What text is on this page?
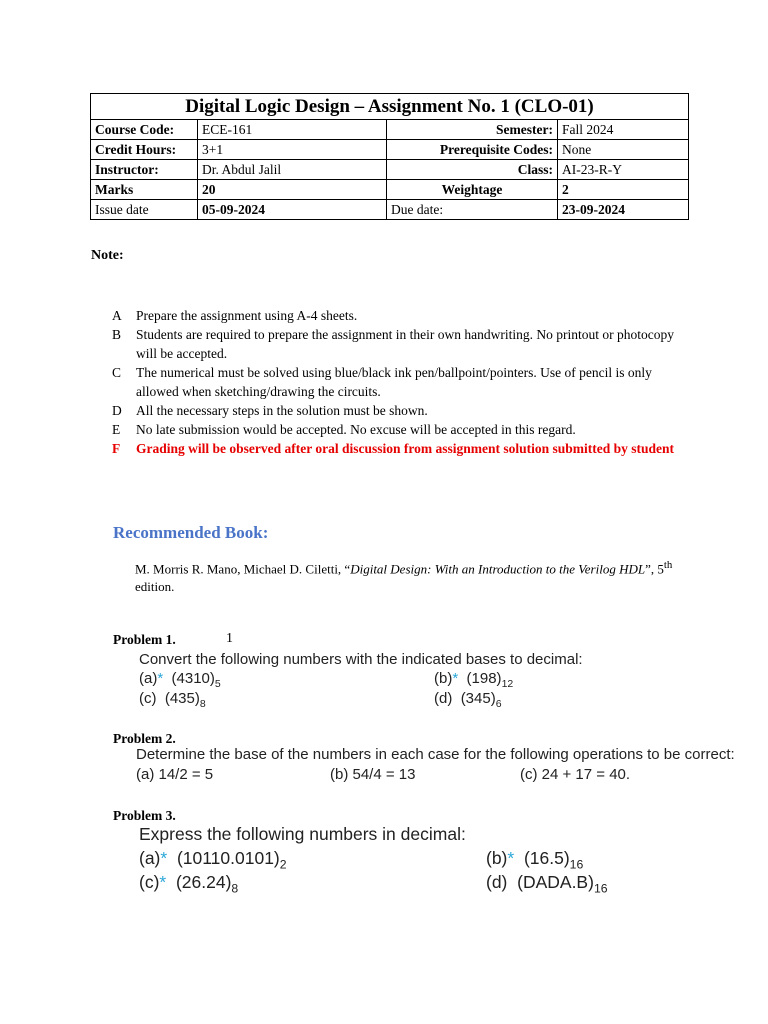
Digital Logic Design – Assignment No. 1 (CLO-01)			
Course Code:	ECE-161	Semester:	Fall 2024
Credit Hours:	3+1	Prerequisite Codes:	None
Instructor:	Dr. Abdul Jalil	Class:	AI-23-R-Y
Marks	20	Weightage	2
Issue date	05-09-2024	Due date:	23-09-2024
Note:
A	Prepare the assignment using A-4 sheets.
B	Students are required to prepare the assignment in their own handwriting. No printout or photocopy will be accepted.
C	The numerical must be solved using blue/black ink pen/ballpoint/pointers. Use of pencil is only allowed when sketching/drawing the circuits.
D	All the necessary steps in the solution must be shown.
E	No late submission would be accepted. No excuse will be accepted in this regard.
F	Grading will be observed after oral discussion from assignment solution submitted by student
Recommended Book:
M. Morris R. Mano, Michael D. Ciletti, “Digital Design: With an Introduction to the Verilog HDL”, 5th edition.
Problem 1.	1
Convert the following numbers with the indicated bases to decimal:
(a)* $(4310)_5$	(b)* $(198)_{12}$
(c) $(435)_8$	(d) $(345)_6$
Problem 2.
Determine the base of the numbers in each case for the following operations to be correct:
(a) 14/2 = 5	(b) 54/4 = 13	(c) 24 + 17 = 40.
Problem 3.
Express the following numbers in decimal:
(a)* $(10110.0101)_2$	(b)* $(16.5)_{16}$
(c)* $(26.24)_8$	(d) $(DADA.B)_{16}$
